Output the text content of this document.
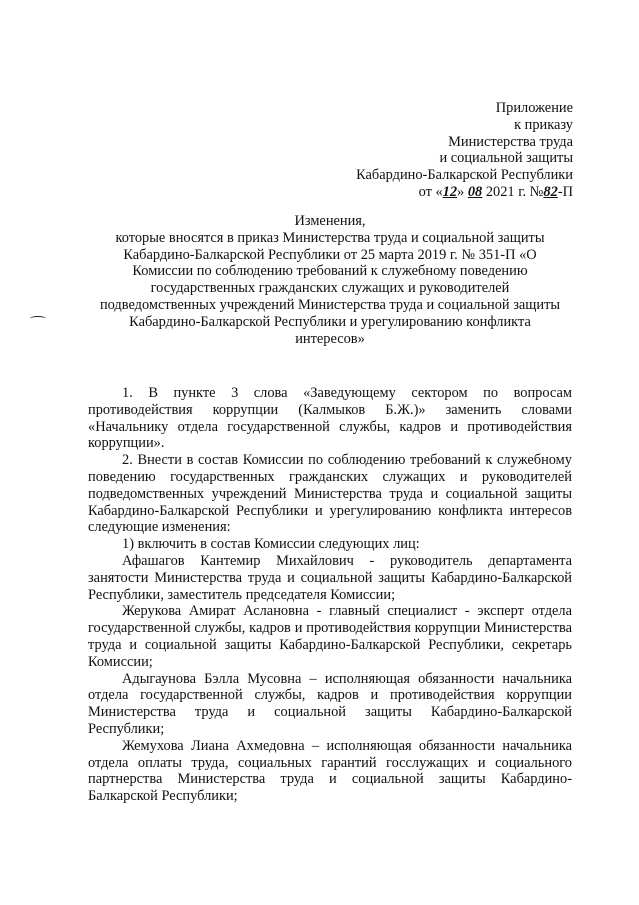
Приложение
к приказу
Министерства труда
и социальной защиты
Кабардино-Балкарской Республики
от «12» 08 2021 г. №82-П
Изменения,
которые вносятся в приказ Министерства труда и социальной защиты
Кабардино-Балкарской Республики от 25 марта 2019 г. № 351-П «О
Комиссии по соблюдению требований к служебному поведению
государственных гражданских служащих и руководителей
подведомственных учреждений Министерства труда и социальной защиты
Кабардино-Балкарской Республики и урегулированию конфликта
интересов»

1. В пункте 3 слова «Заведующему сектором по вопросам противодействия коррупции (Калмыков Б.Ж.)» заменить словами «Начальнику отдела государственной службы, кадров и противодействия коррупции».

2. Внести в состав Комиссии по соблюдению требований к служебному поведению государственных гражданских служащих и руководителей подведомственных учреждений Министерства труда и социальной защиты Кабардино-Балкарской Республики и урегулированию конфликта интересов следующие изменения:

1) включить в состав Комиссии следующих лиц:

Афашагов Кантемир Михайлович - руководитель департамента занятости Министерства труда и социальной защиты Кабардино-Балкарской Республики, заместитель председателя Комиссии;

Жерукова Амират Аслановна - главный специалист - эксперт отдела государственной службы, кадров и противодействия коррупции Министерства труда и социальной защиты Кабардино-Балкарской Республики, секретарь Комиссии;

Адыгаунова Бэлла Мусовна – исполняющая обязанности начальника отдела государственной службы, кадров и противодействия коррупции Министерства труда и социальной защиты Кабардино-Балкарской Республики;

Жемухова Лиана Ахмедовна – исполняющая обязанности начальника отдела оплаты труда, социальных гарантий госслужащих и социального партнерства Министерства труда и социальной защиты Кабардино-Балкарской Республики;
